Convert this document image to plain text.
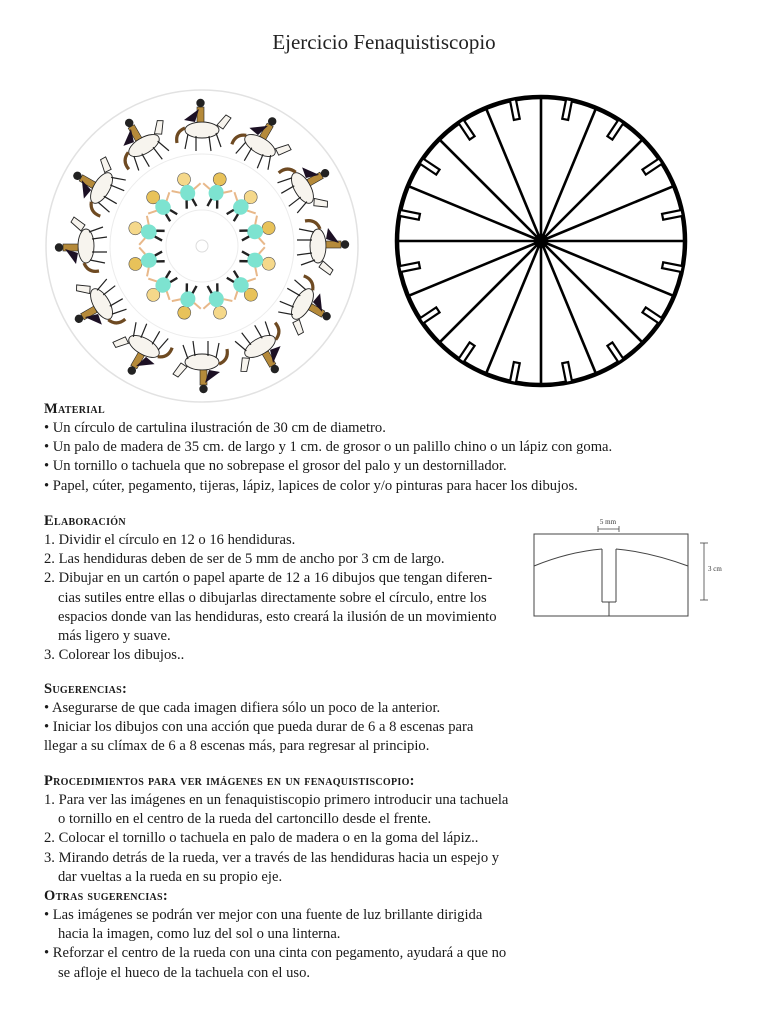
Ejercicio Fenaquistiscopio
Material
• Un círculo de cartulina ilustración de 30 cm de diametro.
• Un palo de madera de 35 cm. de largo y 1 cm. de grosor o un palillo chino o un lápiz con goma.
• Un tornillo o tachuela que no sobrepase el grosor del palo y un destornillador.
• Papel, cúter, pegamento, tijeras, lápiz, lapices de color y/o pinturas para hacer los dibujos.
Elaboración
1. Dividir el círculo en 12 o 16 hendiduras.
2. Las hendiduras deben de ser de 5 mm de ancho por 3 cm de largo.
2. Dibujar en un cartón o papel aparte de 12 a 16 dibujos que tengan diferen-
cias sutiles entre ellas o dibujarlas directamente sobre el círculo, entre los
espacios donde van las hendiduras, esto creará la ilusión de un movimiento
más ligero y suave.
3. Colorear los dibujos..
5 mm
3 cm
Sugerencias:
• Asegurarse de que cada imagen difiera sólo un poco de la anterior.
• Iniciar los dibujos con una acción que pueda durar de 6 a 8 escenas para
llegar a su clímax de 6 a 8 escenas más, para regresar al principio.
Procedimientos para ver imágenes en un fenaquistiscopio:
1. Para ver las imágenes en un fenaquistiscopio primero introducir una tachuela
o tornillo en el centro de la rueda del cartoncillo desde el frente.
2. Colocar el tornillo o tachuela en palo de madera o en la goma del lápiz..
3. Mirando detrás de la rueda, ver a través de las hendiduras hacia un espejo y
dar vueltas a la rueda en su propio eje.
Otras sugerencias:
• Las imágenes se podrán ver mejor con una fuente de luz brillante dirigida
hacia la imagen, como luz del sol o una linterna.
• Reforzar el centro de la rueda con una cinta con pegamento, ayudará a que no
se afloje el hueco de la tachuela con el uso.
